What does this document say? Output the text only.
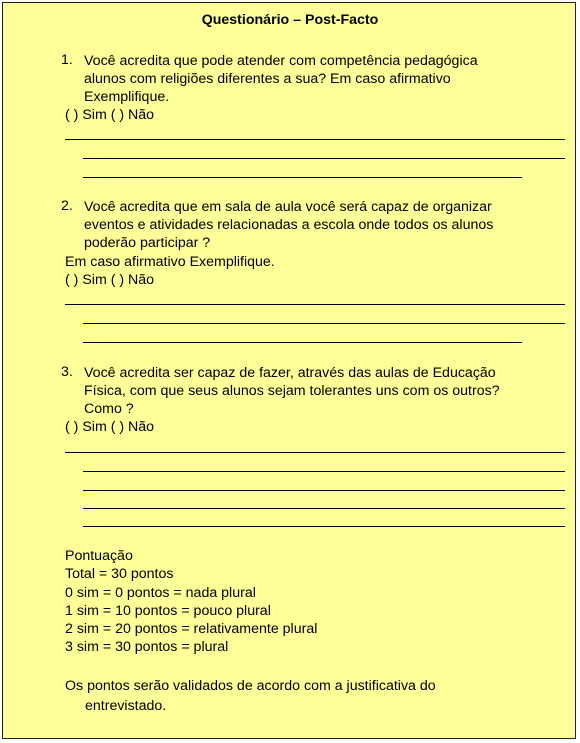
Questionário – Post-Facto
1. Você acredita que pode atender com competência pedagógica
alunos com religiões diferentes a sua? Em caso afirmativo
Exemplifique.
( ) Sim ( ) Não
2. Você acredita que em sala de aula você será capaz de organizar
eventos e atividades relacionadas a escola onde todos os alunos
poderão participar ?
Em caso afirmativo Exemplifique.
( ) Sim ( ) Não
3. Você acredita ser capaz de fazer, através das aulas de Educação
Física, com que seus alunos sejam tolerantes uns com os outros?
Como ?
( ) Sim ( ) Não
Pontuação
Total = 30 pontos
0 sim = 0 pontos = nada plural
1 sim = 10 pontos = pouco plural
2 sim = 20 pontos = relativamente plural
3 sim = 30 pontos = plural
Os pontos serão validados de acordo com a justificativa do
entrevistado.
